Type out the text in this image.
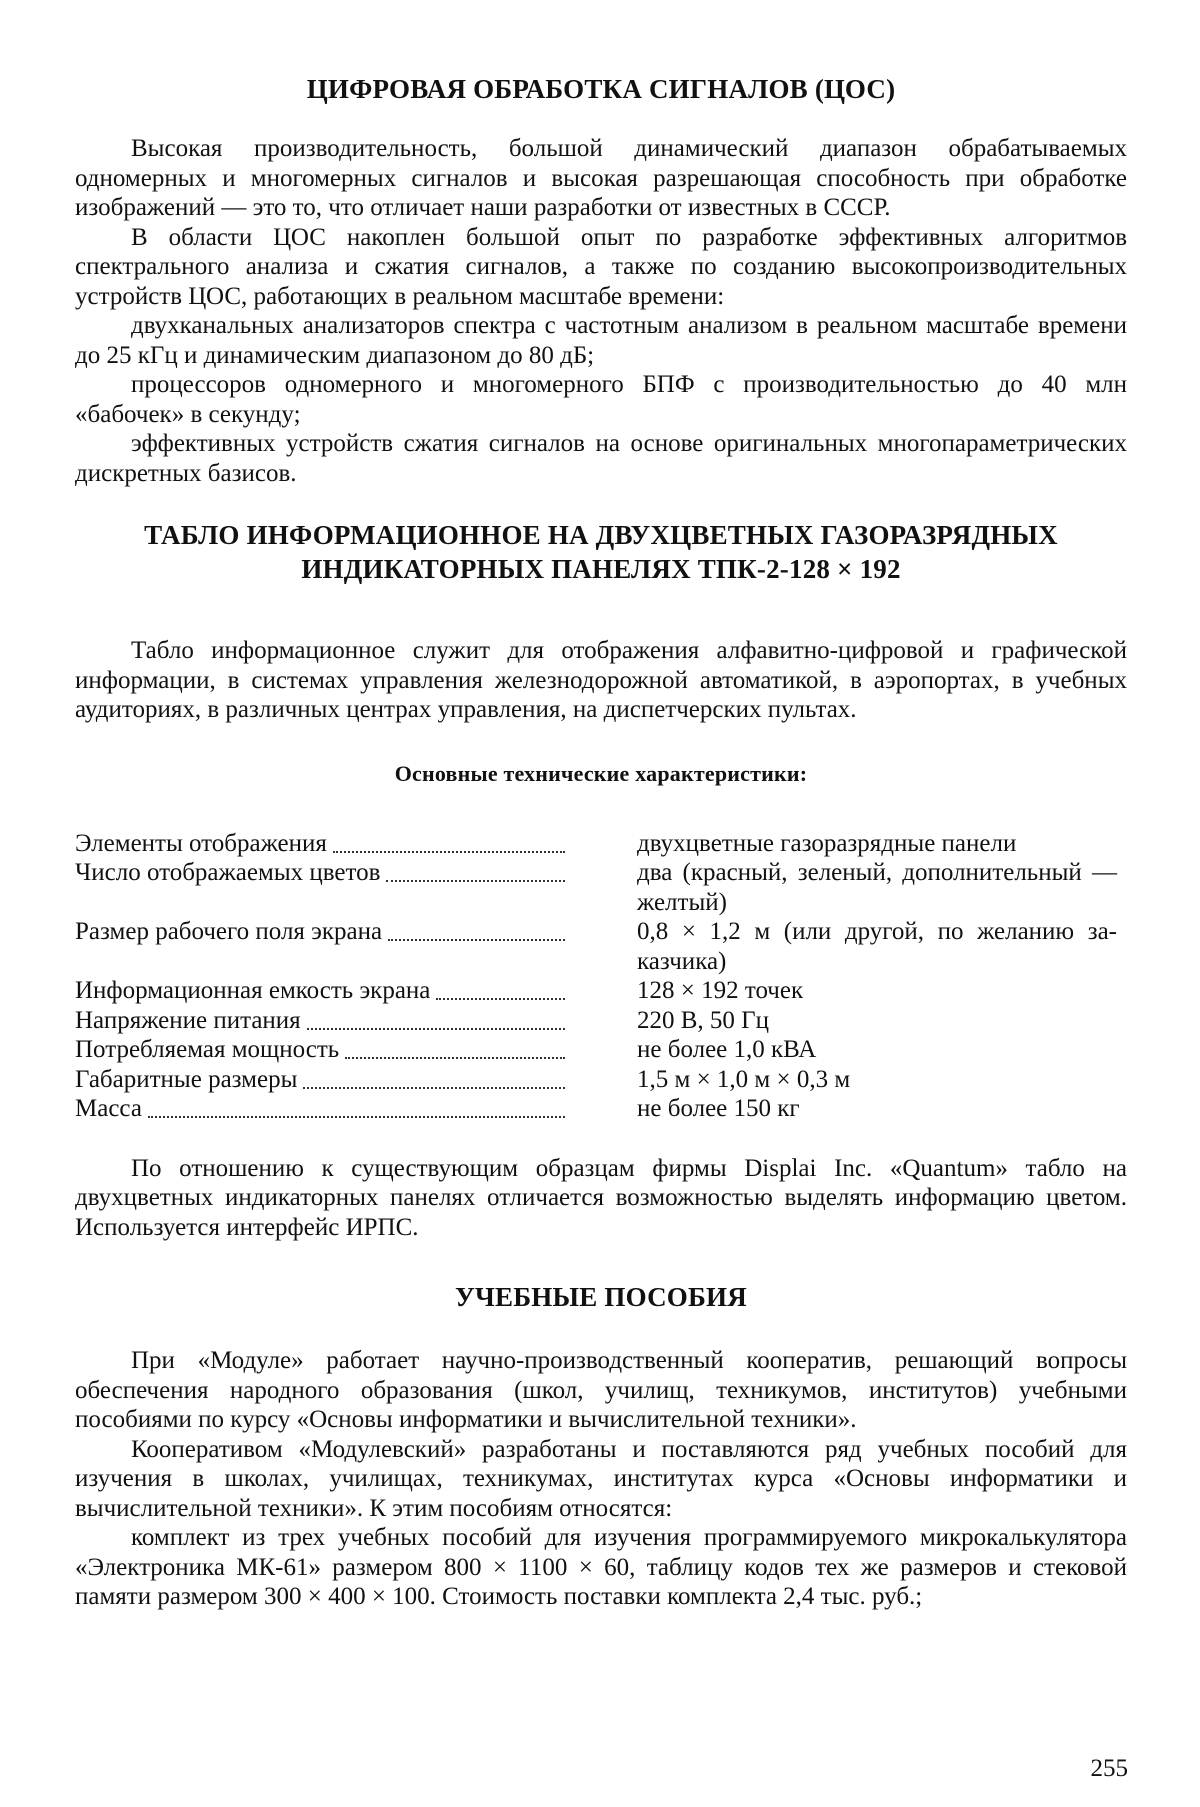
ЦИФРОВАЯ ОБРАБОТКА СИГНАЛОВ (ЦОС)

Высокая производительность, большой динамический диапазон обрабатываемых одномерных и многомерных сигналов и высокая разрешающая способность при обработке изображений — это то, что отличает наши разработки от известных в СССР.

В области ЦОС накоплен большой опыт по разработке эффективных алгорит­мов спектрального анализа и сжатия сигналов, а также по созданию высокопроиз­водительных устройств ЦОС, работающих в реальном масштабе времени:

двухканальных анализаторов спектра с частотным анализом в реальном масш­табе времени до 25 кГц и динамическим диапазоном до 80 дБ;

процессоров одномерного и многомерного БПФ с производительностью до 40 млн «бабочек» в секунду;

эффективных устройств сжатия сигналов на основе оригинальных многопараме­трических дискретных базисов.

ТАБЛО ИНФОРМАЦИОННОЕ НА ДВУХЦВЕТНЫХ ГАЗОРАЗРЯДНЫХ
ИНДИКАТОРНЫХ ПАНЕЛЯХ ТПК-2-128 × 192

Табло информационное служит для отображения алфавитно-цифровой и графи­ческой информации, в системах управления железнодорожной автоматикой, в аэро­портах, в учебных аудиториях, в различных центрах управления, на диспетчерских пультах.

Основные технические характеристики:
Элементы отображения	двухцветные газоразрядные панели
Число отображаемых цветов	два (красный, зеленый, дополнитель­ный — желтый)
Размер рабочего поля экрана	0,8 × 1,2 м (или другой, по желанию за­казчика)
Информационная емкость экрана	128 × 192 точек
Напряжение питания	220 В, 50 Гц
Потребляемая мощность	не более 1,0 кВА
Габаритные размеры	1,5 м × 1,0 м × 0,3 м
Масса	не более 150 кг

По отношению к существующим образцам фирмы Displai Inc. «Quantum» табло на двухцветных индикаторных панелях отличается возможностью выделять инфор­мацию цветом. Используется интерфейс ИРПС.

УЧЕБНЫЕ ПОСОБИЯ

При «Модуле» работает научно-производственный кооператив, решающий воп­росы обеспечения народного образования (школ, училищ, техникумов, институтов) учебными пособиями по курсу «Основы информатики и вычислительной техники».

Кооперативом «Модулевский» разработаны и поставляются ряд учебных посо­бий для изучения в школах, училищах, техникумах, институтах курса «Основы информатики и вычислительной техники». К этим пособиям относятся:

комплект из трех учебных пособий для изучения программируемого микрокаль­кулятора «Электроника МК-61» размером 800 × 1100 × 60, таблицу кодов тех же размеров и стековой памяти размером 300 × 400 × 100. Стоимость поставки комплек­та 2,4 тыс. руб.;

255
